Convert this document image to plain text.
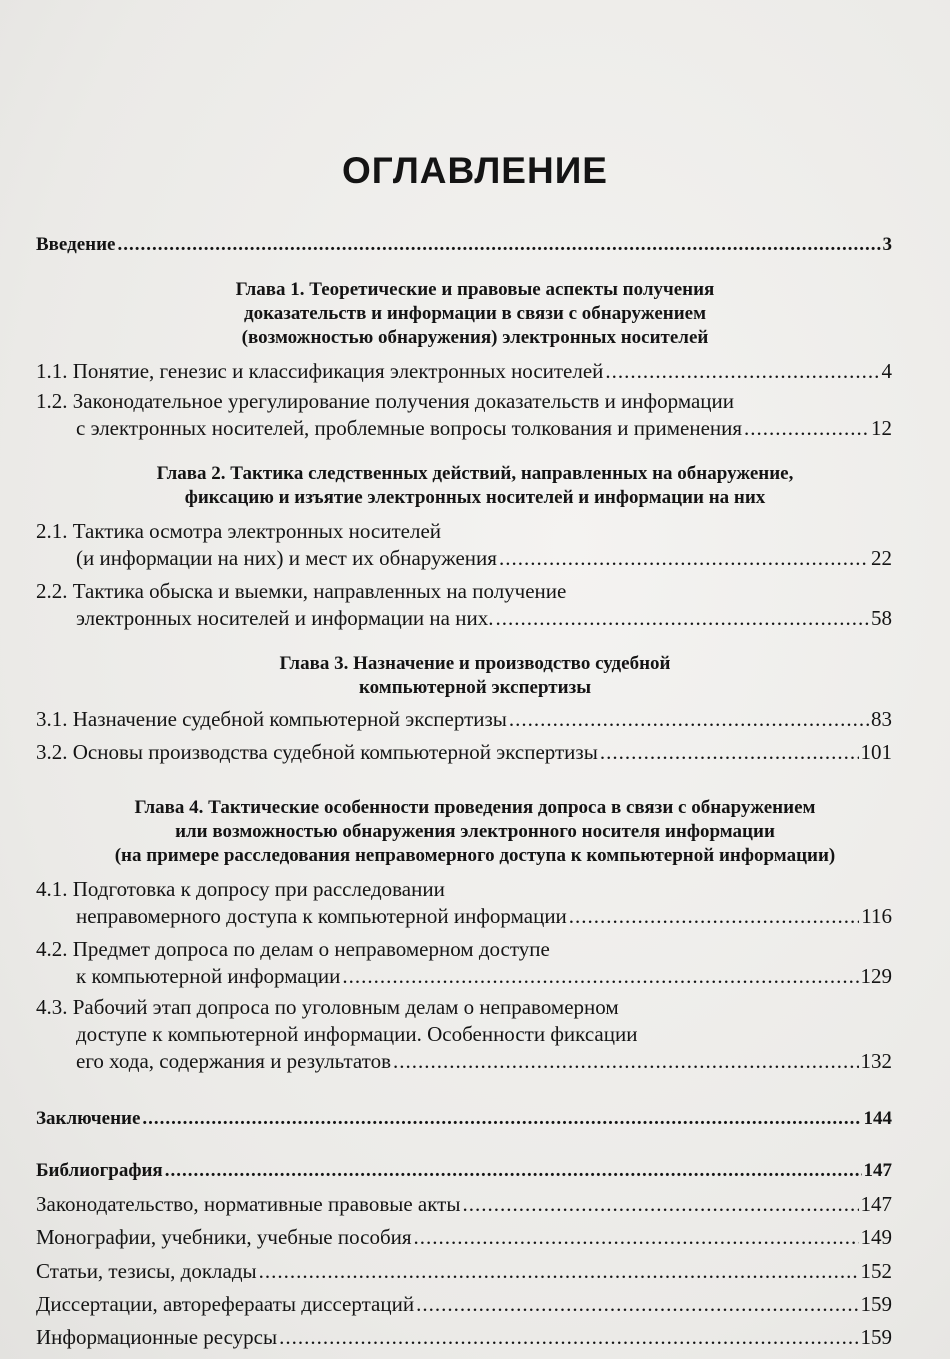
ОГЛАВЛЕНИЕ
Введение .....	3
Глава 1. Теоретические и правовые аспекты получения
доказательств и информации в связи с обнаружением
(возможностью обнаружения) электронных носителей
1.1. Понятие, генезис и классификация электронных носителей .....	4
1.2. Законодательное урегулирование получения доказательств и информации
с электронных носителей, проблемные вопросы толкования и применения .....	12
Глава 2. Тактика следственных действий, направленных на обнаружение,
фиксацию и изъятие электронных носителей и информации на них
2.1. Тактика осмотра электронных носителей
(и информации на них) и мест их обнаружения .....	22
2.2. Тактика обыска и выемки, направленных на получение
электронных носителей и информации на них. .....	58
Глава 3. Назначение и производство судебной
компьютерной экспертизы
3.1. Назначение судебной компьютерной экспертизы .....	83
3.2. Основы производства судебной компьютерной экспертизы .....	101
Глава 4. Тактические особенности проведения допроса в связи с обнаружением
или возможностью обнаружения электронного носителя информации
(на примере расследования неправомерного доступа к компьютерной информации)
4.1. Подготовка к допросу при расследовании
неправомерного доступа к компьютерной информации .....	116
4.2. Предмет допроса по делам о неправомерном доступе
к компьютерной информации .....	129
4.3. Рабочий этап допроса по уголовным делам о неправомерном
доступе к компьютерной информации. Особенности фиксации
его хода, содержания и результатов .....	132
Заключение .....	144
Библиография .....	147
Законодательство, нормативные правовые акты .....	147
Монографии, учебники, учебные пособия .....	149
Статьи, тезисы, доклады .....	152
Диссертации, автореферааты диссертаций .....	159
Информационные ресурсы .....	159
